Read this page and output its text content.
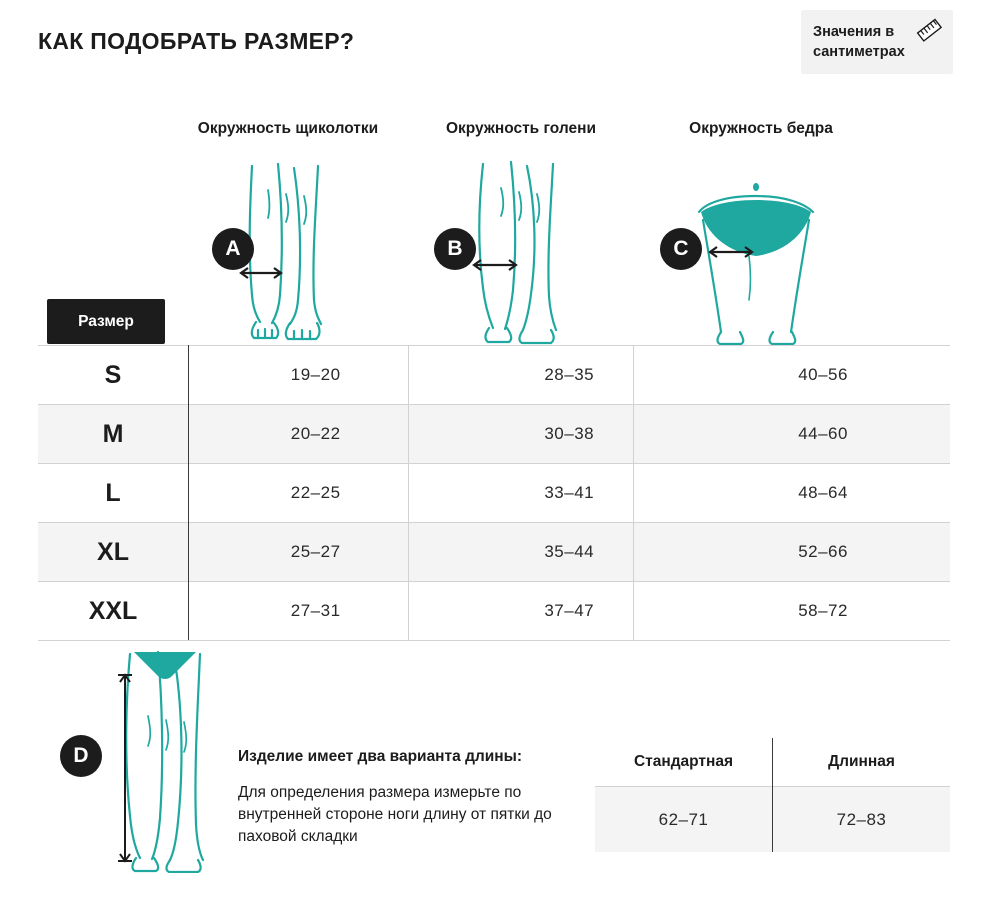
КАК ПОДОБРАТЬ РАЗМЕР?	Значения в сантиметрах
Окружность щиколотки	Окружность голени	Окружность бедра
A	B	C
Размер
S	19–20	28–35	40–56
M	20–22	30–38	44–60
L	22–25	33–41	48–64
XL	25–27	35–44	52–66
XXL	27–31	37–47	58–72
D	Изделие имеет два варианта длины:
Для определения размера измерьте по внутренней стороне ноги длину от пятки до паховой складки
Стандартная	Длинная
62–71	72–83
